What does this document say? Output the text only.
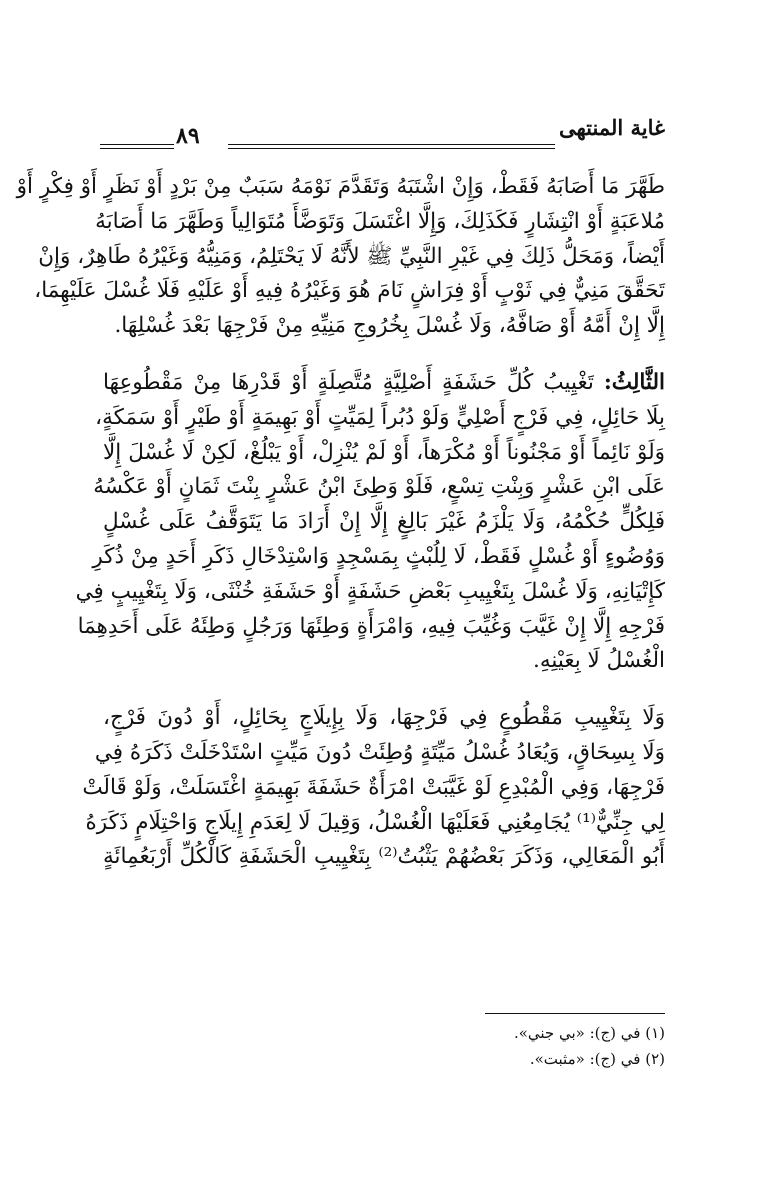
غاية المنتهى
٨٩
طَهَّرَ مَا أَصَابَهُ فَقَطْ، وَإِنْ اشْتَبَهُ وَتَقَدَّمَ نَوْمَهُ سَبَبٌ مِنْ بَرْدٍ أَوْ نَظَرٍ أَوْ فِكْرٍ أَوْ
مُلاعَبَةٍ أَوْ انْتِشَارٍ فَكَذَلِكَ، وَإِلَّا اغْتَسَلَ وَتَوَضَّأَ مُتَوَالِياً وَطَهَّرَ مَا أَصَابَهُ
أَيْضاً، وَمَحَلُّ ذَلِكَ فِي غَيْرِ النَّبِيِّ ﷺ لأَنَّهُ لَا يَحْتَلِمُ، وَمَنِيُّهُ وَغَيْرُهُ طَاهِرٌ، وَإِنْ
تَحَقَّقَ مَنِيٌّ فِي ثَوْبٍ أَوْ فِرَاشٍ نَامَ هُوَ وَغَيْرُهُ فِيهِ أَوْ عَلَيْهِ فَلَا غُسْلَ عَلَيْهِمَا،
إِلَّا إِنْ أَمَّهُ أَوْ صَافَّهُ، وَلَا غُسْلَ بِخُرُوجِ مَنِيِّهِ مِنْ فَرْجِهَا بَعْدَ غُسْلِهَا.
الثَّالِثُ: تَغْيِيبُ كُلِّ حَشَفَةٍ أَصْلِيَّةٍ مُتَّصِلَةٍ أَوْ قَدْرِهَا مِنْ مَقْطُوعِهَا
بِلَا حَائِلٍ، فِي فَرْجٍ أَصْلِيٍّ وَلَوْ دُبُراً لِمَيِّتٍ أَوْ بَهِيمَةٍ أَوْ طَيْرٍ أَوْ سَمَكَةٍ،
وَلَوْ نَائِماً أَوْ مَجْنُوناً أَوْ مُكْرَهاً، أَوْ لَمْ يُنْزِلْ، أَوْ يَبْلُغْ، لَكِنْ لَا غُسْلَ إِلَّا
عَلَى ابْنِ عَشْرٍ وَبِنْتِ تِسْعٍ، فَلَوْ وَطِئَ ابْنُ عَشْرٍ بِنْتَ ثَمَانٍ أَوْ عَكْسُهُ
فَلِكُلٍّ حُكْمُهُ، وَلَا يَلْزَمُ غَيْرَ بَالِغٍ إِلَّا إِنْ أَرَادَ مَا يَتَوَقَّفُ عَلَى غُسْلٍ
وَوُضُوءٍ أَوْ غُسْلٍ فَقَطْ، لَا لِلُبْثٍ بِمَسْجِدٍ وَاسْتِدْخَالِ ذَكَرِ أَحَدٍ مِنْ ذُكَرِ
كَإِتْيَانِهِ، وَلَا غُسْلَ بِتَغْيِيبِ بَعْضِ حَشَفَةٍ أَوْ حَشَفَةِ خُنْثَى، وَلَا بِتَغْيِيبٍ فِي
فَرْجِهِ إِلَّا إِنْ غَيَّبَ وَغُيِّبَ فِيهِ، وَامْرَأَةٍ وَطِئَهَا وَرَجُلٍ وَطِئَهُ عَلَى أَحَدِهِمَا
الْغُسْلُ لَا بِعَيْنِهِ.
وَلَا بِتَغْيِيبِ مَقْطُوعٍ فِي فَرْجِهَا، وَلَا بِإِيلَاجٍ بِحَائِلٍ، أَوْ دُونَ فَرْجٍ،
وَلَا بِسِحَاقٍ، وَيُعَادُ غُسْلُ مَيِّتَةٍ وُطِئَتْ دُونَ مَيِّتٍ اسْتَدْخَلَتْ ذَكَرَهُ فِي
فَرْجِهَا، وَفِي الْمُبْدِعِ لَوْ غَيَّبَتْ امْرَأَةٌ حَشَفَةَ بَهِيمَةٍ اغْتَسَلَتْ، وَلَوْ قَالَتْ
لِي جِنِّيٌّ⁽¹⁾ يُجَامِعُنِي فَعَلَيْهَا الْغُسْلُ، وَقِيلَ لَا لِعَدَمِ إِيلَاجٍ وَاحْتِلَامٍ ذَكَرَهُ
أَبُو الْمَعَالِي، وَذَكَرَ بَعْضُهُمْ يَثْبُتُ⁽²⁾ بِتَغْيِيبِ الْحَشَفَةِ كَالْكُلِّ أَرْبَعُمِائَةٍ
(١) في (ج): «بي جني».
(٢) في (ج): «مثبت».
